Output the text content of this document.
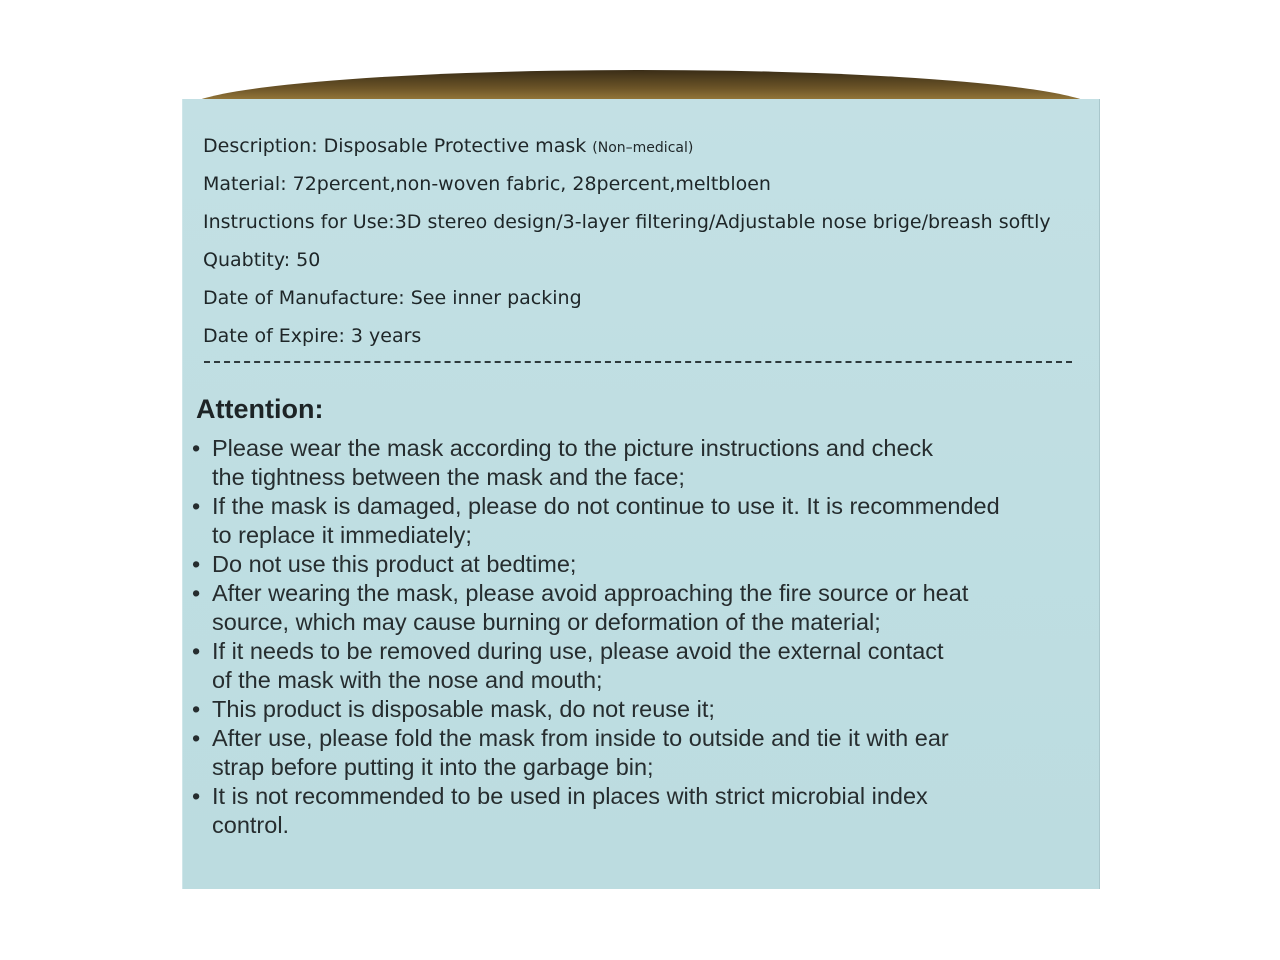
Description: Disposable Protective mask (Non–medical)
Material: 72percent,non-woven fabric, 28percent,meltbloen
Instructions for Use:3D stereo design/3-layer filtering/Adjustable nose brige/breash softly
Quabtity: 50
Date of Manufacture: See inner packing
Date of Expire: 3 years
Attention:
• Please wear the mask according to the picture instructions and check
the tightness between the mask and the face;
• If the mask is damaged, please do not continue to use it. It is recommended
to replace it immediately;
• Do not use this product at bedtime;
• After wearing the mask, please avoid approaching the fire source or heat
source, which may cause burning or deformation of the material;
• If it needs to be removed during use, please avoid the external contact
of the mask with the nose and mouth;
• This product is disposable mask, do not reuse it;
• After use, please fold the mask from inside to outside and tie it with ear
strap before putting it into the garbage bin;
• It is not recommended to be used in places with strict microbial index
control.
